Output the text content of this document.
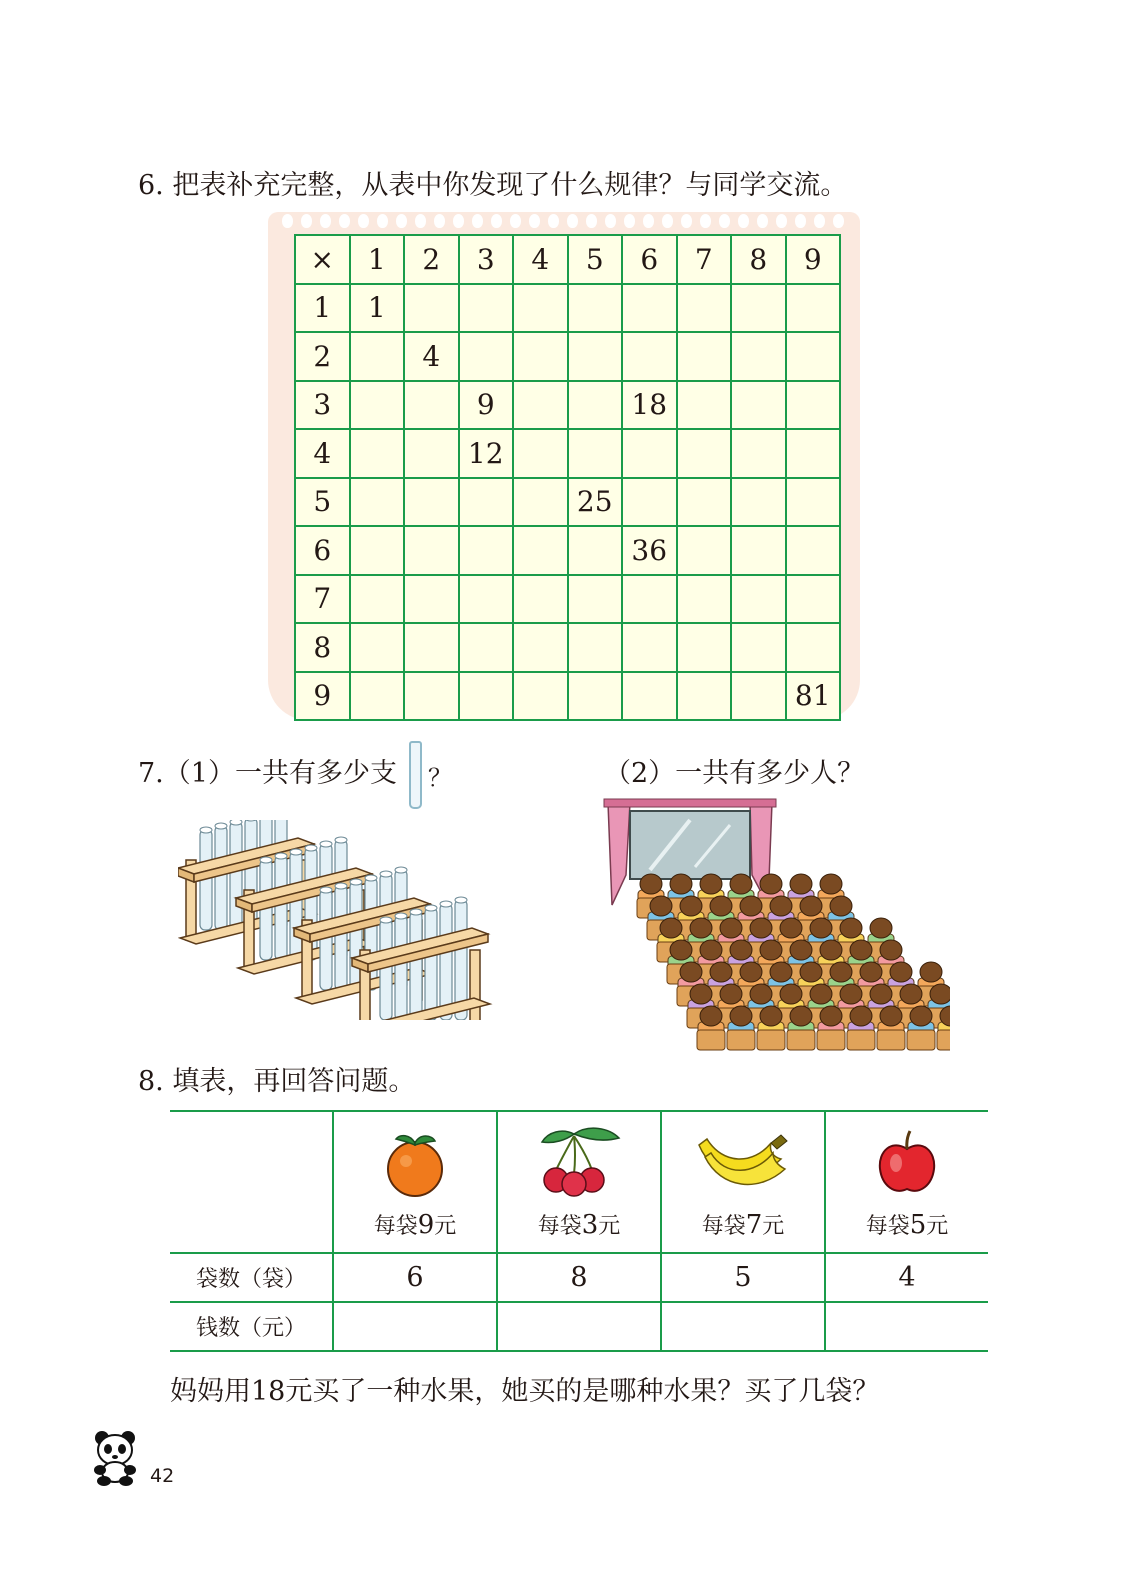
6. 把表补充完整，从表中你发现了什么规律？与同学交流。
×	1	2	3	4	5	6	7	8	9
1	1								
2		4							
3			9			18			
4			12						
5					25				
6						36			
7									
8									
9									81
7.（1）一共有多少支 ？	（2）一共有多少人？
8. 填表，再回答问题。

	每袋9元	每袋3元	每袋7元	每袋5元

袋数（袋）	6	8	5	4
钱数（元）				
妈妈用18元买了一种水果，她买的是哪种水果？买了几袋？
42
